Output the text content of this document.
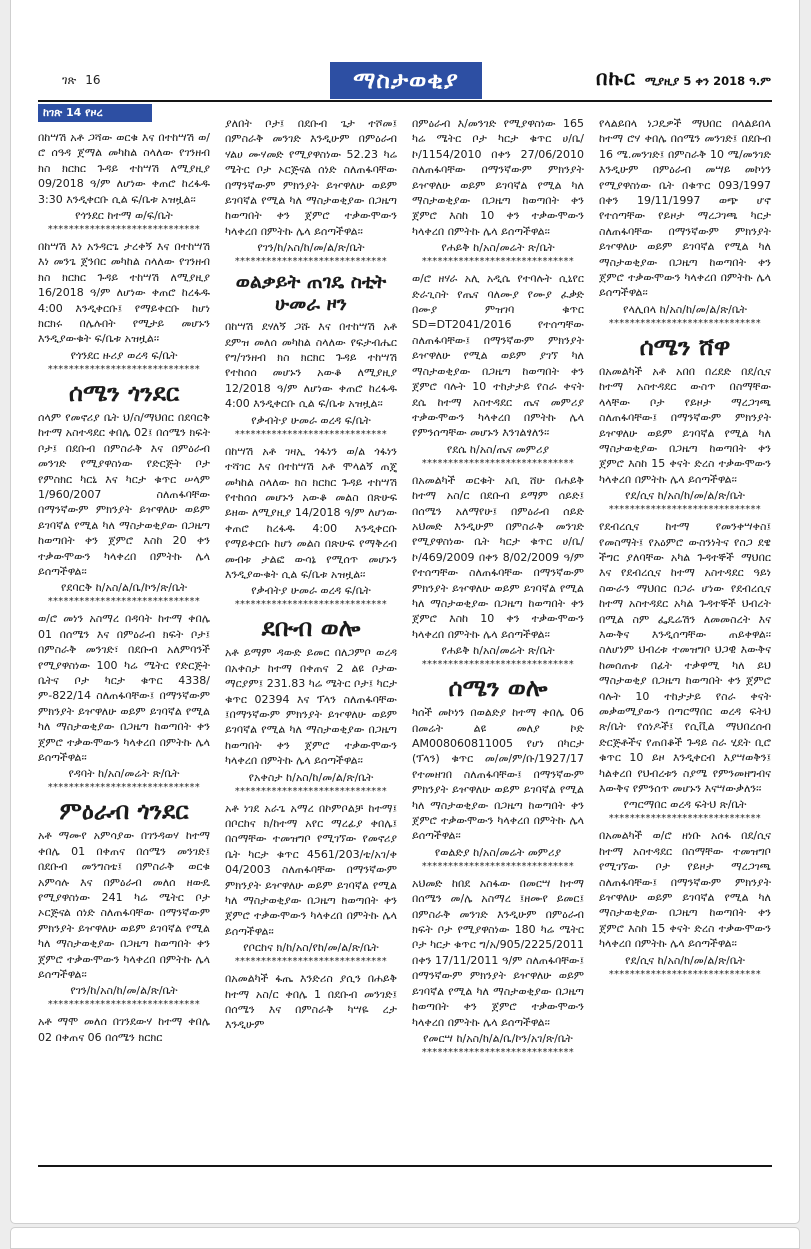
ገጽ 16	ማስታወቂያ	በኩር ሚያዚያ 5 ቀን 2018 ዓ.ም
ከገጽ 14 የዞረ
በከሣሽ አቶ ጋሻው ወርቁ እና በተከሣሽ ወ/ሮ ሰዓዳ ጀማል መካከል ስላለው የገንዘብ ክስ ክርክር ጉዳይ ተከሣሽ ለሚያዚያ 09/2018 ዓ/ም ለሆነው ቀጠሮ ከረፋዱ 3:30 እንዲቀርቡ ሲል ፍ/ቤቱ አዝዟል፡፡
የጎንደር ከተማ ወ/ፍ/ቤት
*****************************
በከሣሽ እነ አንዳርጌ ታረቀኝ እና በተከሣሽ እነ መንጌ ጀንበር መካከል ስላለው የገንዘብ ክስ ክርክር ጉዳይ ተከሣሽ ለሚያዚያ 16/2018 ዓ/ም ለሆነው ቀጠሮ ከረፋዱ 4:00 እንዲቀርቡ፤ የማይቀርቡ ከሆነ ክርክሩ በሌሉበት የሚታይ መሆኑን እንዲያውቁት ፍ/ቤቱ አዝዟል፡፡
የጎንደር ዙሪያ ወረዳ ፍ/ቤት
*****************************
ሰሜን ጎንደር
ሰላም የመኖሪያ ቤት ህ/ስ/ማህበር በደባርቅ ከተማ አስተዳደር ቀበሌ 02፤ በሰሜን ክፍት ቦታ፤ በደቡብ በምስራቅ እና በምዕራብ መንገድ የሚያዋስነው የድርጅት ቦታ የምስክር ካርኒ እና ካርታ ቁጥር ሠላም 1/960/2007 ስለጠፋባቸው በማንኛውም ምክንያት ይዦዋለሁ ወይም ይገባኛል የሚል ካለ ማስታወቂያው በጋዜጣ ከወጣበት ቀን ጀምሮ እስከ 20 ቀን ተቃውሞውን ካላቀረበ በምትኩ ሌላ ይሰጣችዋል፡፡
የደባርቅ ከ/አስ/ል/ቤ/ኮን/ጽ/ቤት
*****************************
ወ/ሮ መነን አስማረ በዳባት ከተማ ቀበሌ 01 በሰሜን እና በምዕራብ ክፍት ቦታ፤ በምስራቅ መንገድ፣ በደቡብ አለምባንች የሚያዋስነው 100 ካሬ ሜትር የድርጅት ቤትና ቦታ ካርታ ቁጥር 4338/ም-822/14 ስለጠፋባቸው፤ በማንኛውም ምክንያት ይዦዋለሁ ወይም ይገባኛል የሚል ካለ ማስታወቂያው በጋዜጣ ከወጣበት ቀን ጀምሮ ተቃውሞውን ካላቀረበ በምትኩ ሌላ ይሰጣችዋል፡፡
የዳባት ከ/አስ/መሬት ጽ/ቤት
*****************************
ምዕራብ ጎንደር
አቶ ማሙየ አምሳያው በገንዳወሃ ከተማ ቀበሌ 01 በቀጠና በሰሜን መንገድ፤ በደቡብ መንግስቴ፤ በምስራቅ ወርቁ አምሳሉ እና በምዕራብ መለሰ ዘውዴ የሚያዋስነው 241 ካሬ ሜትር ቦታ ኦርጅናል ሰነድ ስለጠፋባቸው በማንኛውም ምክንያት ይዦዋለሁ ወይም ይገባኛል የሚል ካለ ማስታወቂያው በጋዜጣ ከወጣበት ቀን ጀምሮ ተቃውሞውን ካላቀረበ በምትኩ ሌላ ይሰጣችዋል፡፡
የገን/ከ/አስ/ከ/መ/ል/ጽ/ቤት
*****************************
አቶ ማሞ መለሰ በገንደውሃ ከተማ ቀበሌ 02 በቀጠና 06 በሰሜን ክርክር
ያለበት ቦታ፤ በደቡብ ጌታ ተሾመ፤ በምስራቅ መንገድ እንዲሁም በምዕራብ ሃልሀ ሙሃመድ የሚያዋስነው 52.23 ካሬ ሜትር ቦታ ኦርጅናል ሰነድ ስለጠፋባቸው በማንኛውም ምክንያት ይዦዋለሁ ወይም ይገባኛል የሚል ካለ ማስታወቂያው በጋዜጣ ከወጣበት ቀን ጀምሮ ተቃውሞውን ካላቀረበ በምትኩ ሌላ ይሰጣችዋል፡፡
የገን/ከ/አስ/ከ/መ/ል/ጽ/ቤት
*****************************
ወልቃይት ጠገዴ ስቲት ሁመራ ዞን
በከሣሽ ደሃለኝ ጋሹ እና በተከሣሽ አቶ ደምዝ መለሰ መካከል ስላለው የፍታብሔር የግ/ገንዘብ ክስ ክርክር ጉዳይ ተከሣሽ የተከሰሰ መሆኑን አውቆ ለሚያዚያ 12/2018 ዓ/ም ለሆነው ቀጠሮ ከረፋዱ 4:00 እንዲቀርቡ ሲል ፍ/ቤቱ አዝዟል፡፡
የቃብትያ ሁመራ ወረዳ ፍ/ቤት
*****************************
በከሣሽ አቶ ገዛኢ ጎፋነን ወ/ል ጎፋነን ተሻገር እና በተከሣሽ አቶ ሞላልኝ ጠጄ መካከል ስላለው ክስ ክርክር ጉዳይ ተከሣሽ የተከሰሰ መሆኑን አውቆ መልስ በጽሁፍ ይዘው ለሚያዚያ 14/2018 ዓ/ም ለሆነው ቀጠሮ ከረፋዱ 4:00 እንዲቀርቡ የማይቀርቡ ከሆነ መልስ በጽሁፍ የማቅረብ መብቱ ታልፎ ውሳኔ የሚሰጥ መሆኑን እንዲያውቁት ሲል ፍ/ቤቱ አዝዟል፡፡
የቃብትያ ሁመራ ወረዳ ፍ/ቤት
*****************************
ደቡብ ወሎ
አቶ ይማም ዳውድ ይመር በለጋምቦ ወረዳ በአቀስታ ከተማ በቀጠና 2 ልዩ ቦታው ማርያም፤ 231.83 ካሬ ሜትር ቦታ፤ ካርታ ቁጥር 02394 እና ፕላን ስለጠፋባቸው ፤በማንኛውም ምክንያት ይዦዋለሁ ወይም ይገባኛል የሚል ካለ ማስታወቂያው በጋዜጣ ከወጣበት ቀን ጀምሮ ተቃውሞውን ካላቀረበ በምትኩ ሌላ ይሰጣችዋል፡፡
የአቀስታ ከ/አስ/ከ/መ/ል/ጽ/ቤት
*****************************
አቶ ነገደ አራጌ አማረ በኮምቦልቻ ከተማ፤ በቦርከና ክ/ከተማ አየር ማረፊያ ቀበሌ፤ በስማቸው ተመዝግቦ የሚገኘው የመኖሪያ ቤት ካርታ ቁጥር 4561/203/ቴ/አገ/ቀ 04/2003 ስለጠፋባቸው በማንኛውም ምክንያት ይዦዋለሁ ወይም ይገባኛል የሚል ካለ ማስታወቂያው በጋዜጣ ከወጣበት ቀን ጀምሮ ተቃውሞውን ካላቀረበ በምትኩ ሌላ ይሰጣችዋል፡፡
የቦርከና ክ/ከ/አስ/የከ/መ/ል/ጽ/ቤት
*****************************
በአመልካች ፋጤ እንድሪስ ያሲን በሐይቅ ከተማ አስ/ር ቀበሌ 1 በደቡብ መንገድ፤ በሰሜን እና በምስራቅ ካሣዬ ረታ እንዲሁም
በምዕራብ እ/መንገድ የሚያዋስነው 165 ካሬ ሜትር ቦታ ካርታ ቁጥር ሀ/ቤ/ኮ/1154/2010 በቀን 27/06/2010 ስለጠፋባቸው በማንኛውም ምክንያት ይዦዋለሁ ወይም ይገባኛል የሚል ካለ ማስታወቂያው በጋዜጣ ከወጣበት ቀን ጀምሮ እስከ 10 ቀን ተቃውሞውን ካላቀረበ በምትኩ ሌላ ይሰጣችዋል፡፡
የሐይቅ ከ/አስ/መሬት ጽ/ቤት
*****************************
ወ/ሮ ዘሃራ አሊ አዲሴ የተባሉት ሲኒየር ድራጊስት የጤና ባለሙያ የሙያ ፈቃድ በሙያ ምዝገባ ቁጥር SD=DT2041/2016 የተሰጣቸው ስለጠፋባቸው፤ በማንኛውም ምክንያት ይዦዋለሁ የሚል ወይም ያገኘ ካለ ማስታወቂያው በጋዜጣ ከወጣበት ቀን ጀምሮ ባሉት 10 ተከታታይ የስራ ቀናት ደሴ ከተማ አስተዳደር ጤና መምሪያ ተቃውሞውን ካላቀረበ በምትኩ ሌላ የምንሰጣቸው መሆኑን እንገልፃለን፡፡
የደሴ ከ/አስ/ጤና መምሪያ
*****************************
በአመልካች ወርቁት አቢ ሸሁ በሐይቅ ከተማ አስ/ር በደቡብ ይማም ሰይድ፤ በሰሜን አለማየሁ፤ በምዕራብ ሰይድ አህመድ እንዲሁም በምስራቅ መንገድ የሚያዋስነው ቤት ካርታ ቁጥር ሀ/ቤ/ኮ/469/2009 በቀን 8/02/2009 ዓ/ም የተሰጣቸው ስለጠፋባቸው በማንኛውም ምክንያት ይዦዋለሁ ወይም ይገባኛል የሚል ካለ ማስታወቂያው በጋዜጣ ከወጣበት ቀን ጀምሮ እስከ 10 ቀን ተቃውሞውን ካላቀረበ በምትኩ ሌላ ይሰጣችዋል፡፡
የሐይቅ ከ/አስ/መሬት ጽ/ቤት
*****************************
ሰሜን ወሎ
ካሰች መኮነን በወልድያ ከተማ ቀበሌ 06 በመሬት ልዩ መለያ ኮድ AM008060811005 የሆነ በካርታ (ፕላን) ቁጥር መ/መ/ም/ቡ/1927/17 የተመዘገበ ስለጠፋባቸው፤ በማንኛውም ምክንያት ይዦዋለሁ ወይም ይገባኛል የሚል ካለ ማስታወቂያው በጋዜጣ ከወጣበት ቀን ጀምሮ ተቃውሞውን ካላቀረበ በምትኩ ሌላ ይሰጣችዋል፡፡
የወልድያ ከ/አስ/መሬት መምሪያ
*****************************
አህመድ ከበደ አስፋው በመርሣ ከተማ በሰሜን መ/ሌ አስማረ ፤ዘሙየ ይመር፤ በምስራቅ መንገድ እንዲሁም በምዕራብ ክፍት ቦታ የሚያዋስነው 180 ካሬ ሜትር ቦታ ካርታ ቁጥር ግ/አ/905/2225/2011 በቀን 17/11/2011 ዓ/ም ስለጠፋባቸው፤ በማንኛውም ምክንያት ይዦዋለሁ ወይም ይገባኛል የሚል ካለ ማስታወቂያው በጋዜጣ ከወጣበት ቀን ጀምሮ ተቃውሞውን ካላቀረበ በምትኩ ሌላ ይሰጣችዋል፡፡
የመርሣ ከ/አስ/ከ/ል/ቤ/ኮን/አገ/ጽ/ቤት
*****************************
የላልይበላ ነጋዴዎች ማህበር በላልይበላ ከተማ ሮሃ ቀበሌ በሰሜን መንገድ፤ በደቡብ 16 ሜ.መንገድ፤ በምስራቅ 10 ሜ/መንገድ እንዲሁም በምዕራብ መሣይ መኮነን የሚያዋስነው ቤት በቁጥር 093/1997 በቀን 19/11/1997 ወጭ ሆኖ የተሰጣቸው የይዞታ ማረጋገጫ ካርታ ስለጠፋባቸው በማንኛውም ምክንያት ይዦዋለሁ ወይም ይገባኛል የሚል ካለ ማስታወቂያው በጋዜጣ ከወጣበት ቀን ጀምሮ ተቃውሞውን ካላቀረበ በምትኩ ሌላ ይሰጣችዋል፡፡
የላሊበላ ከ/አስ/ከ/መ/ል/ጽ/ቤት
*****************************
ሰሜን ሸዋ
በአመልካች አቶ አበበ በረደድ በደ/ሲና ከተማ አስተዳደር ውስጥ በስማቸው ላላቸው ቦታ የይዞታ ማረጋገጫ ስለጠፋባቸው፤ በማንኛውም ምክንያት ይዦዋለሁ ወይም ይገባኛል የሚል ካለ ማስታወቂያው በጋዜጣ ከወጣበት ቀን ጀምሮ እስከ 15 ቀናት ድረስ ተቃውሞውን ካላቀረበ በምትኩ ሌላ ይሰጣችዋል፡፡
የደ/ሲና ከ/አስ/ከ/መ/ል/ጽ/ቤት
*****************************
የደብረሲና ከተማ የመንቀሣቀስ፤ የመስማት፤ የአዕምሮ ውስንነትና የስጋ ደዌ ችግር ያለባቸው አካል ጉዳተኞች ማህበር እና የደብረሲና ከተማ አስተዳደር ዓይነ ስውራን ማህበር በጋራ ሆነው የደብረሲና ከተማ አስተዳደር አካል ጉዳተኞች ህብረት በሚል ስም ፌዴሬሽን ለመመስረት እና እውቅና እንዲሰጣቸው ጠይቀዋል፡፡ ስለሆነም ህብረቱ ተመዝግቦ ህጋዊ እውቅና ከመሰጠቱ በፊት ተቃዋሚ ካለ ይህ ማስታወቂያ በጋዜጣ ከወጣበት ቀን ጀምሮ ባሉት 10 ተከታታይ የስራ ቀናት መቃወሚያውን በጣርማበር ወረዳ ፍትህ ጽ/ቤት የሰነዶች፤ የሲቪል ማህበረሰብ ድርጅቶችና የጠበቆች ጉዳይ ስራ ሂደት ቢሮ ቁጥር 10 ይዞ እንዲቀርብ እያሣወቅን፤ ካልቀረበ የህብረቱን ስያሜ የምንመዘግብና እውቅና የምንሰጥ መሆኑን እናሣውቃለን፡፡
የጣርማበር ወረዳ ፍትህ ጽ/ቤት
*****************************
በአመልካች ወ/ሮ ዘነቡ አሰፋ በደ/ሲና ከተማ አስተዳደር በስማቸው ተመዝግቦ የሚገኘው ቦታ የይዞታ ማረጋገጫ ስለጠፋባቸው፤ በማንኛውም ምክንያት ይዦዋለሁ ወይም ይገባኛል የሚል ካለ ማስታወቂያው በጋዜጣ ከወጣበት ቀን ጀምሮ እስከ 15 ቀናት ድረስ ተቃውሞውን ካላቀረበ በምትኩ ሌላ ይሰጣችዋል፡፡
የደ/ሲና ከ/አስ/ከ/መ/ል/ጽ/ቤት
*****************************
